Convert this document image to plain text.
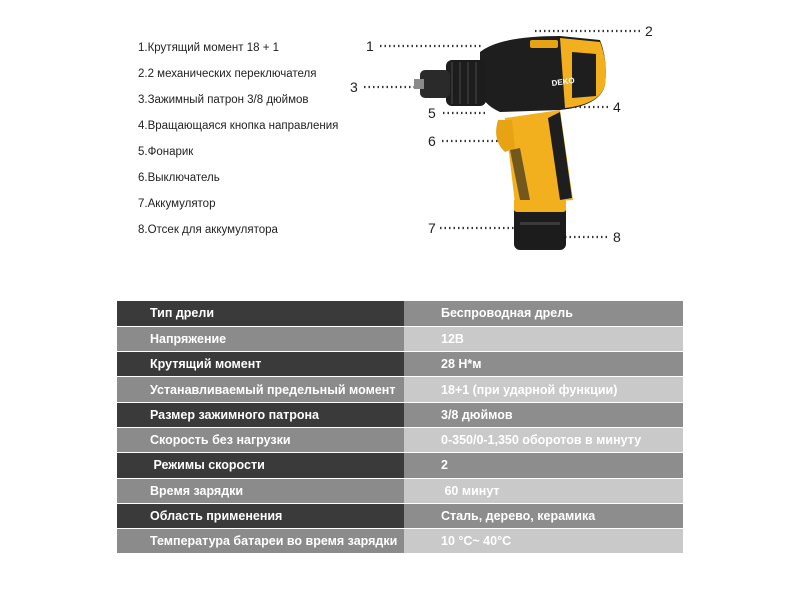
1.Крутящий момент 18 + 1
2.2 механических переключателя
3.Зажимный патрон 3/8 дюймов
4.Вращающаяся кнопка направления
5.Фонарик
6.Выключатель
7.Аккумулятор
8.Отсек для аккумулятора
DEKO
1
2
3
4
5
6
7
8
Тип дрели	Беспроводная дрель
Напряжение	12B
Крутящий момент	28 Н*м
Устанавливаемый предельный момент	18+1 (при ударной функции)
Размер зажимного патрона	3/8 дюймов
Скорость без нагрузки	0-350/0-1,350 оборотов в минуту
Режимы скорости	2
Время зарядки	60 минут
Область применения	Сталь, дерево, керамика
Температура батареи во время зарядки	10 °C~ 40°C
